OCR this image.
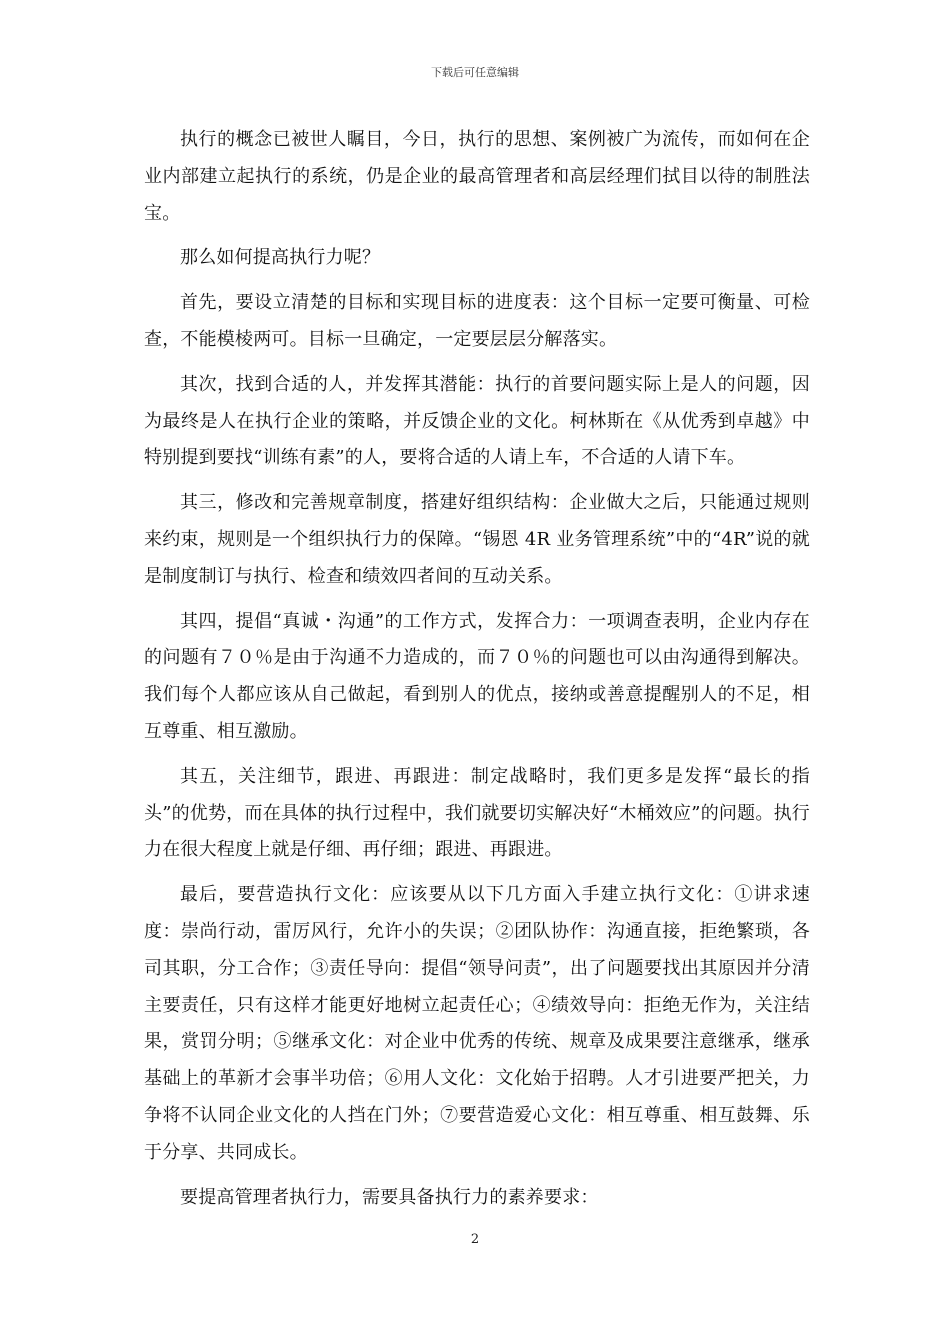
下载后可任意编辑

执行的概念已被世人瞩目，今日，执行的思想、案例被广为流传，而如何在企业内部建立起执行的系统，仍是企业的最高管理者和高层经理们拭目以待的制胜法宝。

那么如何提高执行力呢？

首先，要设立清楚的目标和实现目标的进度表：这个目标一定要可衡量、可检查，不能模棱两可。目标一旦确定，一定要层层分解落实。

其次，找到合适的人，并发挥其潜能：执行的首要问题实际上是人的问题，因为最终是人在执行企业的策略，并反馈企业的文化。柯林斯在《从优秀到卓越》中特别提到要找“训练有素”的人，要将合适的人请上车，不合适的人请下车。

其三，修改和完善规章制度，搭建好组织结构：企业做大之后，只能通过规则来约束，规则是一个组织执行力的保障。“锡恩 4R 业务管理系统”中的“4R”说的就是制度制订与执行、检查和绩效四者间的互动关系。

其四，提倡“真诚・沟通”的工作方式，发挥合力：一项调查表明，企业内存在的问题有７０％是由于沟通不力造成的，而７０％的问题也可以由沟通得到解决。我们每个人都应该从自己做起，看到别人的优点，接纳或善意提醒别人的不足，相互尊重、相互激励。

其五，关注细节，跟进、再跟进：制定战略时，我们更多是发挥“最长的指头”的优势，而在具体的执行过程中，我们就要切实解决好“木桶效应”的问题。执行力在很大程度上就是仔细、再仔细；跟进、再跟进。

最后，要营造执行文化：应该要从以下几方面入手建立执行文化：①讲求速度：崇尚行动，雷厉风行，允许小的失误；②团队协作：沟通直接，拒绝繁琐，各司其职，分工合作；③责任导向：提倡“领导问责”，出了问题要找出其原因并分清主要责任，只有这样才能更好地树立起责任心；④绩效导向：拒绝无作为，关注结果，赏罚分明；⑤继承文化：对企业中优秀的传统、规章及成果要注意继承，继承基础上的革新才会事半功倍；⑥用人文化：文化始于招聘。人才引进要严把关，力争将不认同企业文化的人挡在门外；⑦要营造爱心文化：相互尊重、相互鼓舞、乐于分享、共同成长。

要提高管理者执行力，需要具备执行力的素养要求：

2
